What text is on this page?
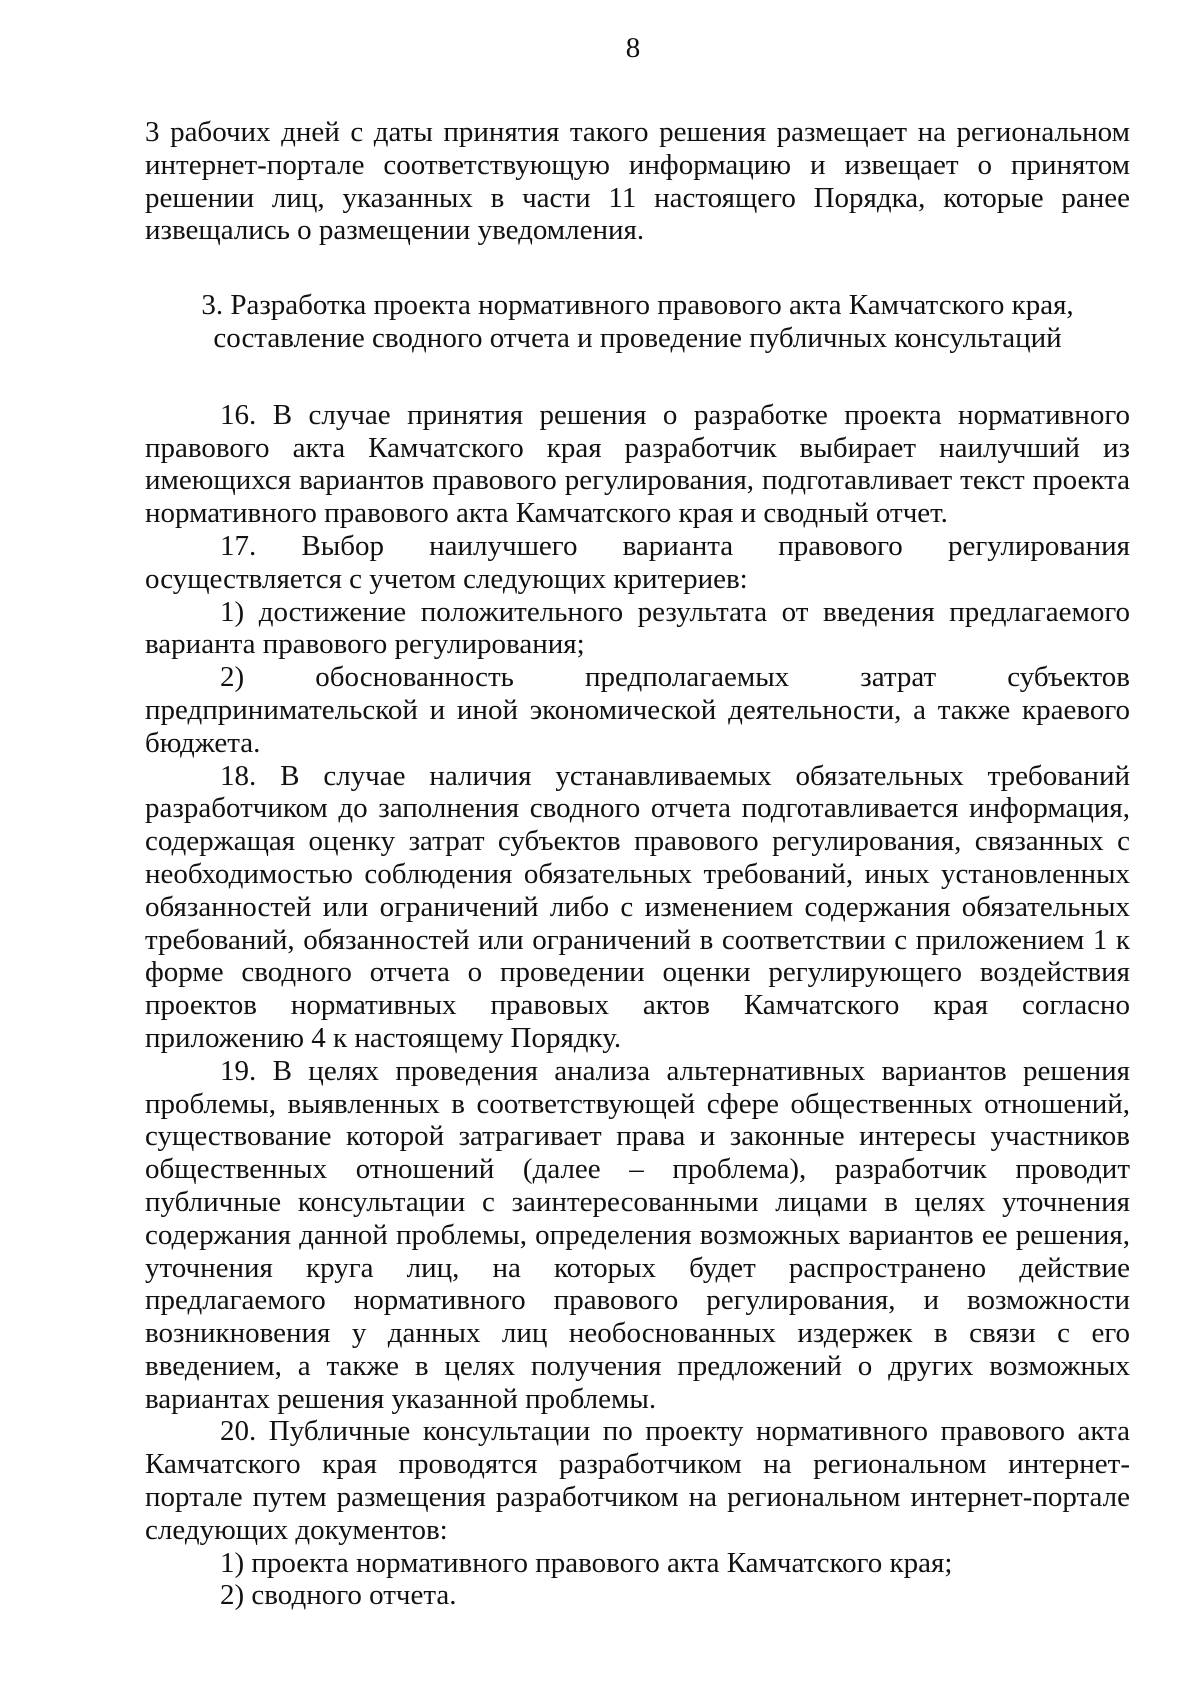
8

3 рабочих дней с даты принятия такого решения размещает на региональном интернет-портале соответствующую информацию и извещает о принятом решении лиц, указанных в части 11 настоящего Порядка, которые ранее извещались о размещении уведомления.

3. Разработка проекта нормативного правового акта Камчатского края,
составление сводного отчета и проведение публичных консультаций

16. В случае принятия решения о разработке проекта нормативного правового акта Камчатского края разработчик выбирает наилучший из имеющихся вариантов правового регулирования, подготавливает текст проекта нормативного правового акта Камчатского края и сводный отчет.

17. Выбор наилучшего варианта правового регулирования осуществляется с учетом следующих критериев:

1) достижение положительного результата от введения предлагаемого варианта правового регулирования;

2) обоснованность предполагаемых затрат субъектов предпринимательской и иной экономической деятельности, а также краевого бюджета.

18. В случае наличия устанавливаемых обязательных требований разработчиком до заполнения сводного отчета подготавливается информация, содержащая оценку затрат субъектов правового регулирования, связанных с необходимостью соблюдения обязательных требований, иных установленных обязанностей или ограничений либо с изменением содержания обязательных требований, обязанностей или ограничений в соответствии с приложением 1 к форме сводного отчета о проведении оценки регулирующего воздействия проектов нормативных правовых актов Камчатского края согласно приложению 4 к настоящему Порядку.

19. В целях проведения анализа альтернативных вариантов решения проблемы, выявленных в соответствующей сфере общественных отношений, существование которой затрагивает права и законные интересы участников общественных отношений (далее – проблема), разработчик проводит публичные консультации с заинтересованными лицами в целях уточнения содержания данной проблемы, определения возможных вариантов ее решения, уточнения круга лиц, на которых будет распространено действие предлагаемого нормативного правового регулирования, и возможности возникновения у данных лиц необоснованных издержек в связи с его введением, а также в целях получения предложений о других возможных вариантах решения указанной проблемы.

20. Публичные консультации по проекту нормативного правового акта Камчатского края проводятся разработчиком на региональном интернет-портале путем размещения разработчиком на региональном интернет-портале следующих документов:

1) проекта нормативного правового акта Камчатского края;

2) сводного отчета.
